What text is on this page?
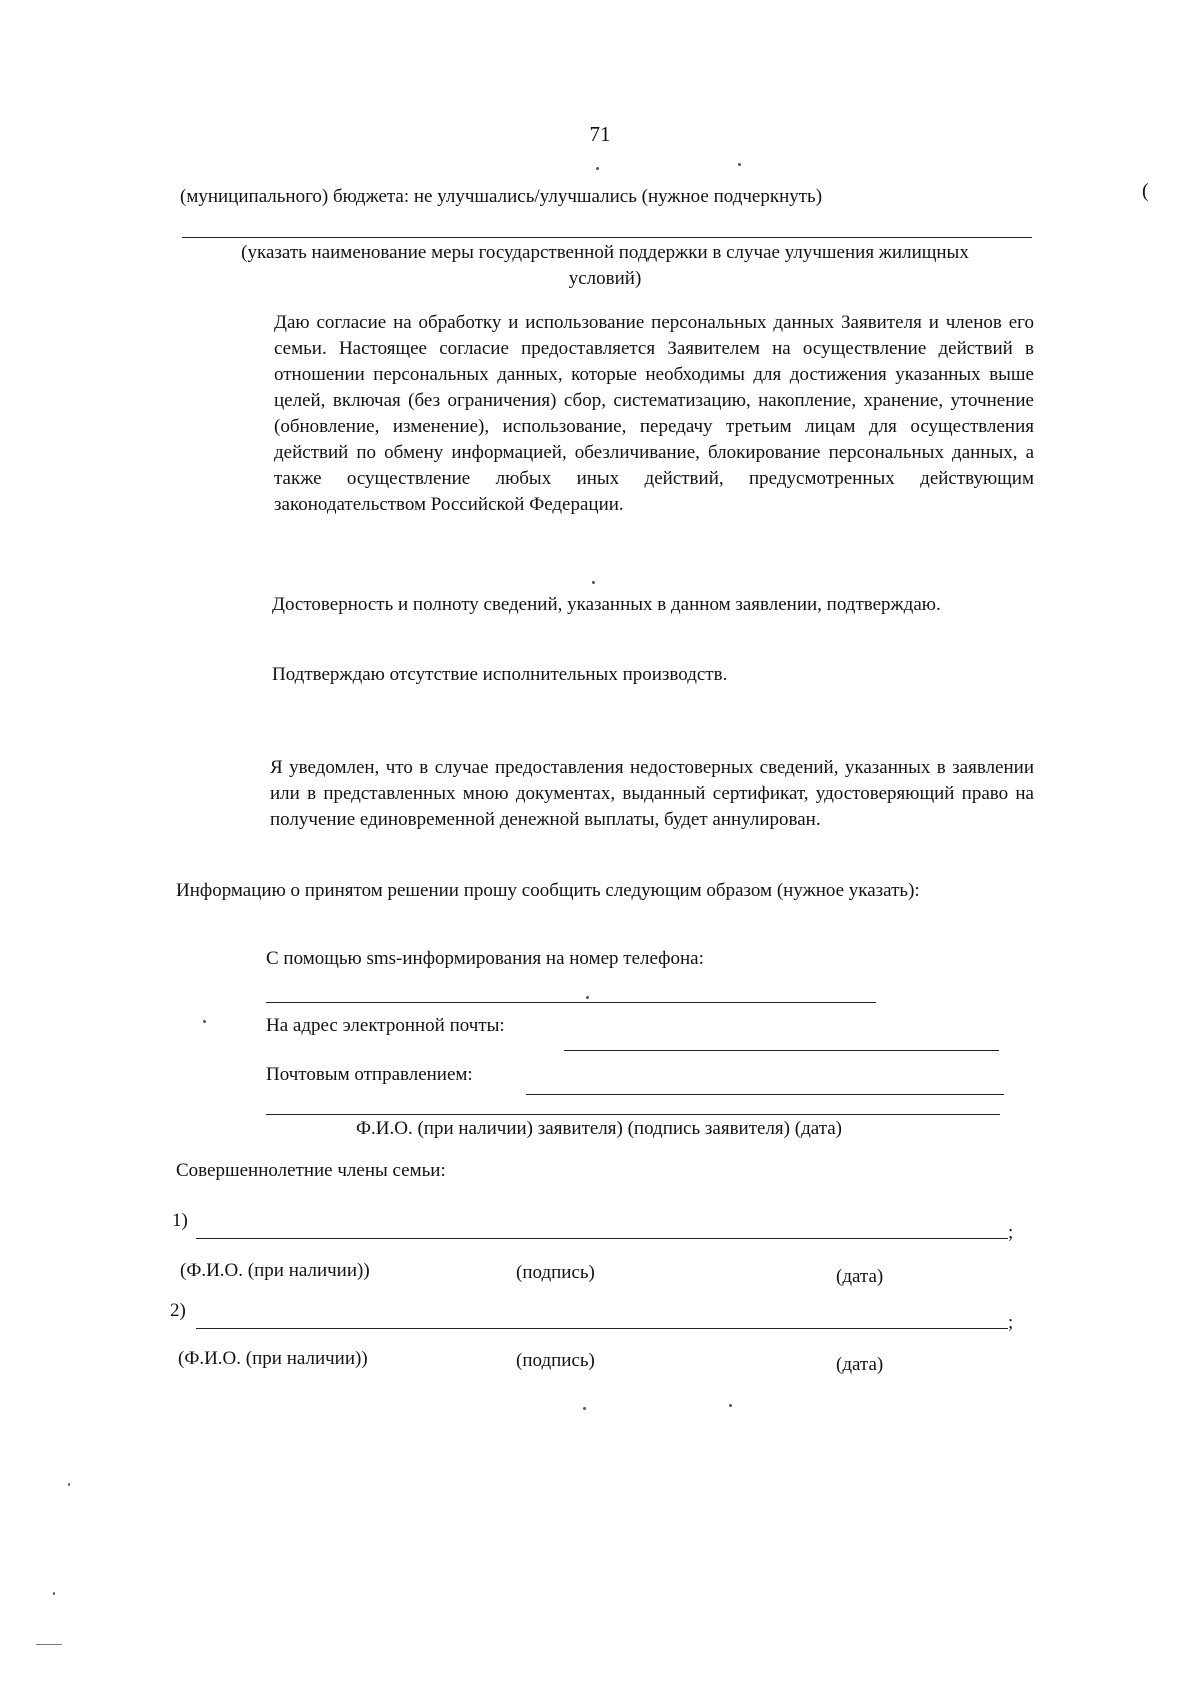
71
(муниципального) бюджета: не улучшались/улучшались (нужное подчеркнуть)	(
(указать наименование меры государственной поддержки в случае улучшения жилищных условий)
Даю согласие на обработку и использование персональных данных Заявителя и членов его семьи. Настоящее согласие предоставляется Заявителем на осуществление действий в отношении персональных данных, которые необходимы для достижения указанных выше целей, включая (без ограничения) сбор, систематизацию, накопление, хранение, уточнение (обновление, изменение), использование, передачу третьим лицам для осуществления действий по обмену информацией, обезличивание, блокирование персональных данных, а также осуществление любых иных действий, предусмотренных действующим законодательством Российской Федерации.
Достоверность и полноту сведений, указанных в данном заявлении, подтверждаю.
Подтверждаю отсутствие исполнительных производств.
Я уведомлен, что в случае предоставления недостоверных сведений, указанных в заявлении или в представленных мною документах, выданный сертификат, удостоверяющий право на получение единовременной денежной выплаты, будет аннулирован.
Информацию о принятом решении прошу сообщить следующим образом (нужное указать):
С помощью sms-информирования на номер телефона:
На адрес электронной почты:
Почтовым отправлением:
Ф.И.О. (при наличии) заявителя) (подпись заявителя) (дата)
Совершеннолетние члены семьи:
1)
;
(Ф.И.О. (при наличии))	(подпись)	(дата)
2)
;
(Ф.И.О. (при наличии))	(подпись)	(дата)
